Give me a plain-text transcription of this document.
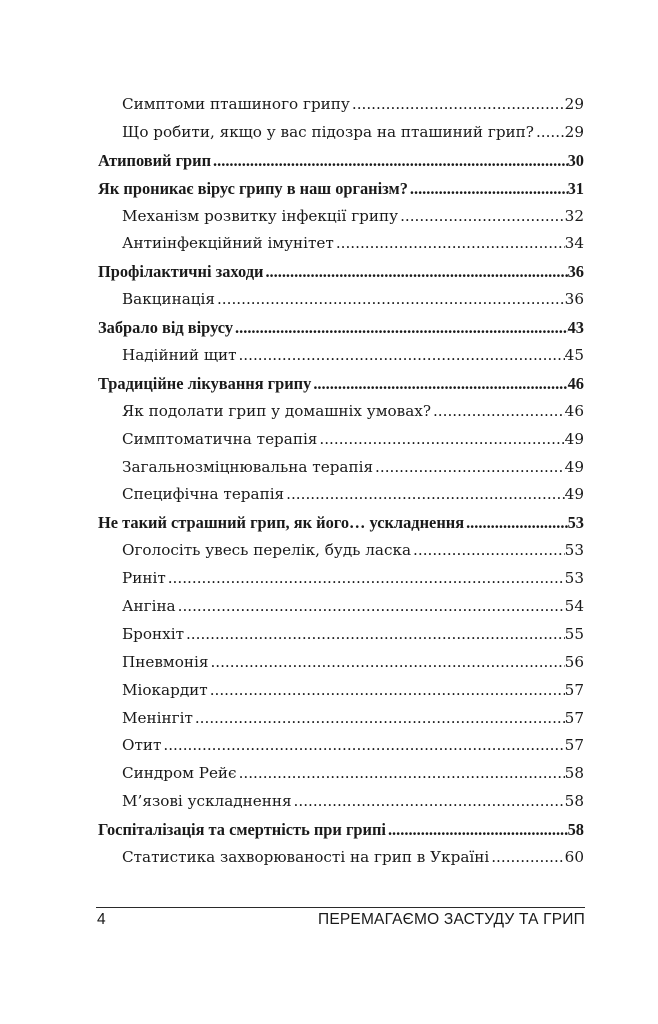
Симптоми пташиного грипу .....	29
Що робити, якщо у вас підозра на пташиний грип? ..... 29
Атиповий грип .....	30
Як проникає вірус грипу в наш організм? .....	31
Механізм розвитку інфекції грипу .....	32
Антиінфекційний імунітет .....	34
Профілактичні заходи .....	36
Вакцинація .....	36
Забрало від вірусу .....	43
Надійний щит .....	45
Традиційне лікування грипу .....	46
Як подолати грип у домашніх умовах? .....	46
Симптоматична терапія .....	49
Загальнозміцнювальна терапія .....	49
Специфічна терапія .....	49
Не такий страшний грип, як його… ускладнення .....	53
Оголосіть увесь перелік, будь ласка .....	53
Риніт .....	53
Ангіна .....	54
Бронхіт .....	55
Пневмонія .....	56
Міокардит .....	57
Менінгіт .....	57
Отит .....	57
Синдром Рейє .....	58
М’язові ускладнення .....	58
Госпіталізація та смертність при грипі .....	58
Статистика захворюваності на грип в Україні .....	60
4	ПЕРЕМАГАЄМО ЗАСТУДУ ТА ГРИП
